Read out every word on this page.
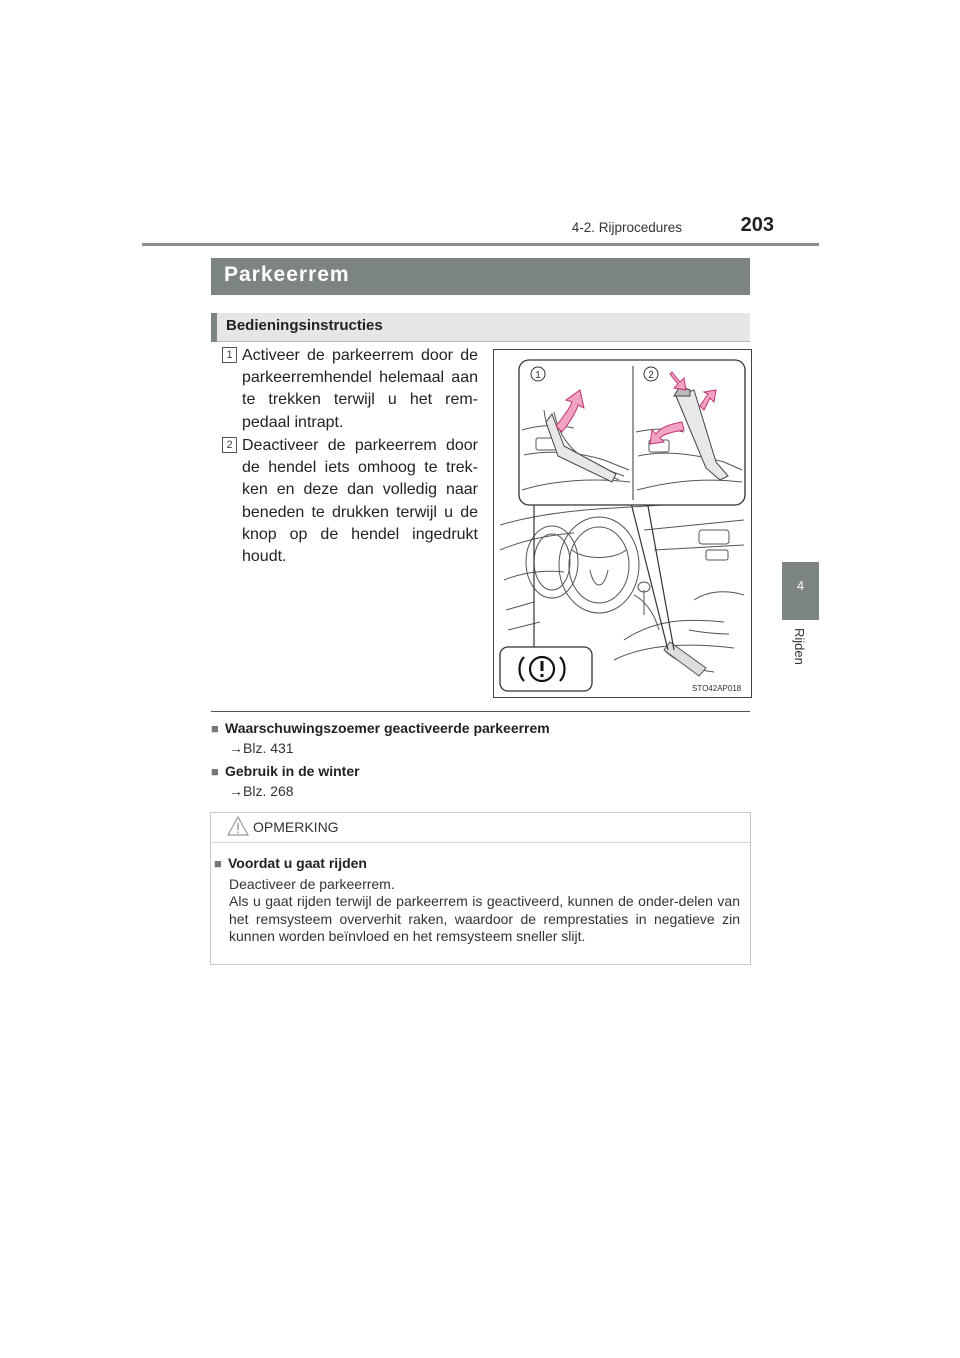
4-2. Rijprocedures	203
4
Rijden
Parkeerrem
Bedieningsinstructies
1 Activeer de parkeerrem door de parkeerremhendel helemaal aan te trekken terwijl u het rem-pedaal intrapt.
2 Deactiveer de parkeerrem door de hendel iets omhoog te trek-ken en deze dan volledig naar beneden te drukken terwijl u de knop op de hendel ingedrukt houdt.
1	2
STO42AP018
■ Waarschuwingszoemer geactiveerde parkeerrem
→Blz. 431
■ Gebruik in de winter
→Blz. 268
OPMERKING
■ Voordat u gaat rijden
Deactiveer de parkeerrem.
Als u gaat rijden terwijl de parkeerrem is geactiveerd, kunnen de onder-delen van het remsysteem oververhit raken, waardoor de remprestaties in negatieve zin kunnen worden beïnvloed en het remsysteem sneller slijt.
